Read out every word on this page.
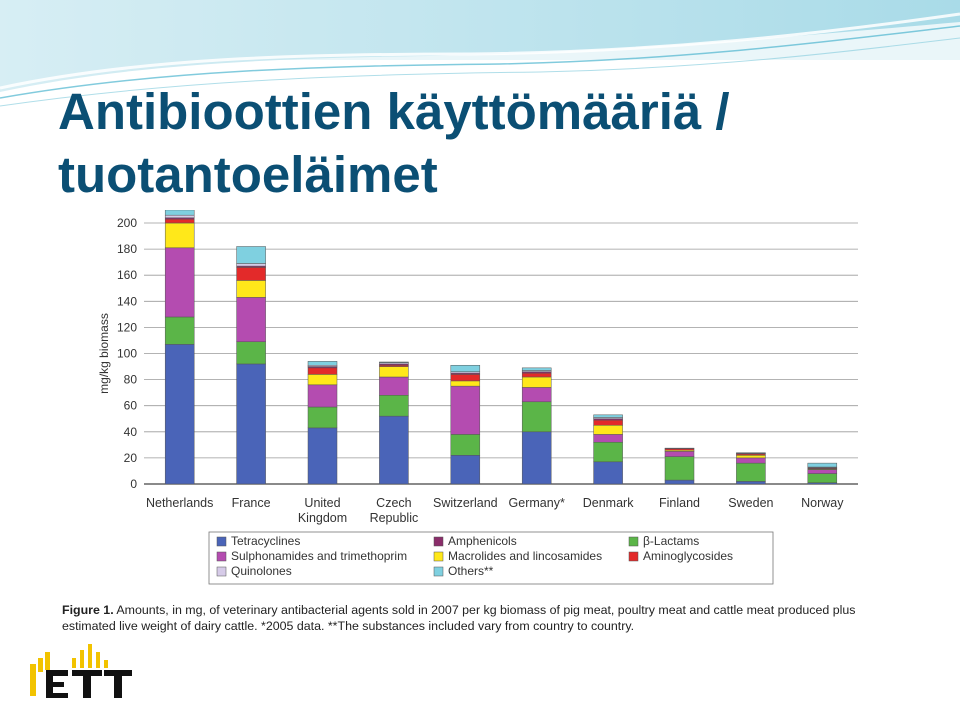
Antibioottien käyttömääriä /
tuotantoeläimet
0
20
40
60
80
100
120
140
160
180
200
mg/kg biomass
Netherlands France	United
Kingdom
Czech
Republic
Switzerland Germany* Denmark Finland Sweden Norway
Tetracyclines	Amphenicols	β-Lactams
Sulphonamides and trimethoprim	Macrolides and lincosamides	Aminoglycosides
Quinolones	Others**
Figure 1. Amounts, in mg, of veterinary antibacterial agents sold in 2007 per kg biomass of pig meat, poultry meat and cattle meat produced plus estimated live weight of dairy cattle. *2005 data. **The substances included vary from country to country.
